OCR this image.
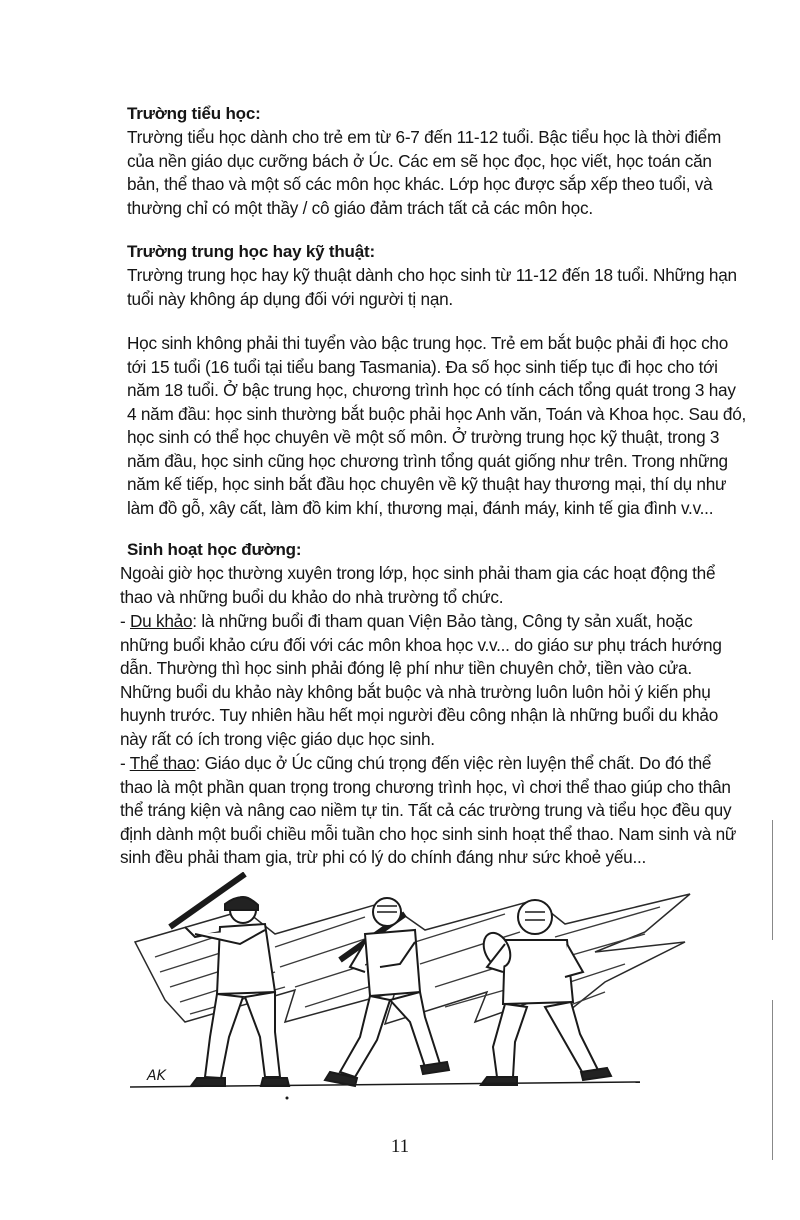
Trường tiểu học:

Trường tiểu học dành cho trẻ em từ 6-7 đến 11-12 tuổi. Bậc tiểu học là thời điểm của nền giáo dục cưỡng bách ở Úc. Các em sẽ học đọc, học viết, học toán căn bản, thể thao và một số các môn học khác. Lớp học được sắp xếp theo tuổi, và thường chỉ có một thầy / cô giáo đảm trách tất cả các môn học.

Trường trung học hay kỹ thuật:

Trường trung học hay kỹ thuật dành cho học sinh từ 11-12 đến 18 tuổi. Những hạn tuổi này không áp dụng đối với người tị nạn.

Học sinh không phải thi tuyển vào bậc trung học. Trẻ em bắt buộc phải đi học cho tới 15 tuổi (16 tuổi tại tiểu bang Tasmania). Đa số học sinh tiếp tục đi học cho tới năm 18 tuổi. Ở bậc trung học, chương trình học có tính cách tổng quát trong 3 hay 4 năm đầu: học sinh thường bắt buộc phải học Anh văn, Toán và Khoa học. Sau đó, học sinh có thể học chuyên về một số môn. Ở trường trung học kỹ thuật, trong 3 năm đầu, học sinh cũng học chương trình tổng quát giống như trên. Trong những năm kế tiếp, học sinh bắt đầu học chuyên về kỹ thuật hay thương mại, thí dụ như làm đồ gỗ, xây cất, làm đồ kim khí, thương mại, đánh máy, kinh tế gia đình v.v...

Sinh hoạt học đường:

Ngoài giờ học thường xuyên trong lớp, học sinh phải tham gia các hoạt động thể thao và những buổi du khảo do nhà trường tổ chức.

- Du khảo: là những buổi đi tham quan Viện Bảo tàng, Công ty sản xuất, hoặc những buổi khảo cứu đối với các môn khoa học v.v... do giáo sư phụ trách hướng dẫn. Thường thì học sinh phải đóng lệ phí như tiền chuyên chở, tiền vào cửa. Những buổi du khảo này không bắt buộc và nhà trường luôn luôn hỏi ý kiến phụ huynh trước. Tuy nhiên hầu hết mọi người đều công nhận là những buổi du khảo này rất có ích trong việc giáo dục học sinh.

- Thể thao: Giáo dục ở Úc cũng chú trọng đến việc rèn luyện thể chất. Do đó thể thao là một phần quan trọng trong chương trình học, vì chơi thể thao giúp cho thân thể tráng kiện và nâng cao niềm tự tin. Tất cả các trường trung và tiểu học đều quy định dành một buổi chiều mỗi tuần cho học sinh sinh hoạt thể thao. Nam sinh và nữ sinh đều phải tham gia, trừ phi có lý do chính đáng như sức khoẻ yếu...

AK
11
